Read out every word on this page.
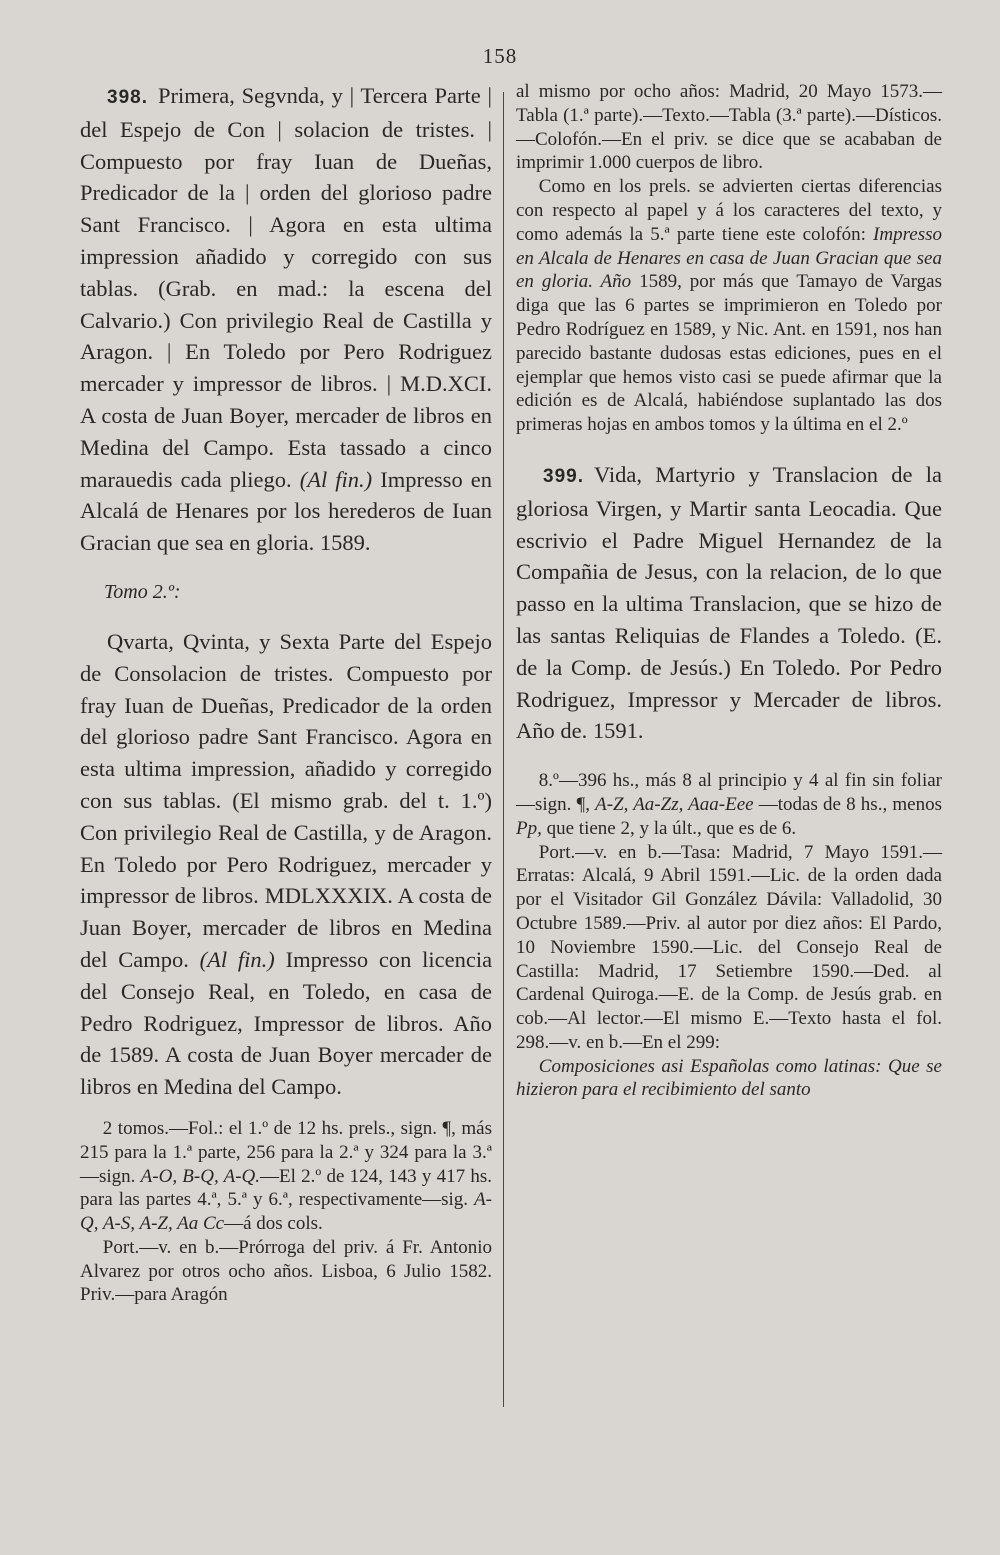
158

398. Primera, Segvnda, y | Tercera Parte | del Espejo de Con | solacion de tristes. | Compuesto por fray Iuan de Dueñas, Predicador de la | orden del glorioso padre Sant Francisco. | Agora en esta ultima impression añadido y corregido con sus tablas. (Grab. en mad.: la escena del Calvario.) Con privilegio Real de Castilla y Aragon. | En Toledo por Pero Rodriguez mercader y impressor de libros. | M.D.XCI. A costa de Juan Boyer, mercader de libros en Medina del Campo. Esta tassado a cinco marauedis cada pliego. (Al fin.) Impresso en Alcalá de Henares por los herederos de Iuan Gracian que sea en gloria. 1589.

Tomo 2.º:

Qvarta, Qvinta, y Sexta Parte del Espejo de Consolacion de tristes. Compuesto por fray Iuan de Dueñas, Predicador de la orden del glorioso padre Sant Francisco. Agora en esta ultima impression, añadido y corregido con sus tablas. (El mismo grab. del t. 1.º) Con privilegio Real de Castilla, y de Aragon. En Toledo por Pero Rodriguez, mercader y impressor de libros. MDLXXXIX. A costa de Juan Boyer, mercader de libros en Medina del Campo. (Al fin.) Impresso con licencia del Consejo Real, en Toledo, en casa de Pedro Rodriguez, Impressor de libros. Año de 1589. A costa de Juan Boyer mercader de libros en Medina del Campo.

2 tomos.—Fol.: el 1.º de 12 hs. prels., sign. ¶, más 215 para la 1.ª parte, 256 para la 2.ª y 324 para la 3.ª—sign. A-O, B-Q, A-Q.—El 2.º de 124, 143 y 417 hs. para las partes 4.ª, 5.ª y 6.ª, respectivamente—sig. A-Q, A-S, A-Z, Aa Cc—á dos cols.

Port.—v. en b.—Prórroga del priv. á Fr. Antonio Alvarez por otros ocho años. Lisboa, 6 Julio 1582. Priv.—para Aragón

al mismo por ocho años: Madrid, 20 Mayo 1573.—Tabla (1.ª parte).—Texto.—Tabla (3.ª parte).—Dísticos.—Colofón.—En el priv. se dice que se acababan de imprimir 1.000 cuerpos de libro.

Como en los prels. se advierten ciertas diferencias con respecto al papel y á los caracteres del texto, y como además la 5.ª parte tiene este colofón: Impresso en Alcala de Henares en casa de Juan Gracian que sea en gloria. Año 1589, por más que Tamayo de Vargas diga que las 6 partes se imprimieron en Toledo por Pedro Rodríguez en 1589, y Nic. Ant. en 1591, nos han parecido bastante dudosas estas ediciones, pues en el ejemplar que hemos visto casi se puede afirmar que la edición es de Alcalá, habiéndose suplantado las dos primeras hojas en ambos tomos y la última en el 2.º

399. Vida, Martyrio y Translacion de la gloriosa Virgen, y Martir santa Leocadia. Que escrivio el Padre Miguel Hernandez de la Compañia de Jesus, con la relacion, de lo que passo en la ultima Translacion, que se hizo de las santas Reliquias de Flandes a Toledo. (E. de la Comp. de Jesús.) En Toledo. Por Pedro Rodriguez, Impressor y Mercader de libros. Año de. 1591.

8.º—396 hs., más 8 al principio y 4 al fin sin foliar—sign. ¶, A-Z, Aa-Zz, Aaa-Eee —todas de 8 hs., menos Pp, que tiene 2, y la últ., que es de 6.

Port.—v. en b.—Tasa: Madrid, 7 Mayo 1591.—Erratas: Alcalá, 9 Abril 1591.—Lic. de la orden dada por el Visitador Gil González Dávila: Valladolid, 30 Octubre 1589.—Priv. al autor por diez años: El Pardo, 10 Noviembre 1590.—Lic. del Consejo Real de Castilla: Madrid, 17 Setiembre 1590.—Ded. al Cardenal Quiroga.—E. de la Comp. de Jesús grab. en cob.—Al lector.—El mismo E.—Texto hasta el fol. 298.—v. en b.—En el 299:

Composiciones asi Españolas como latinas: Que se hizieron para el recibimiento del santo
